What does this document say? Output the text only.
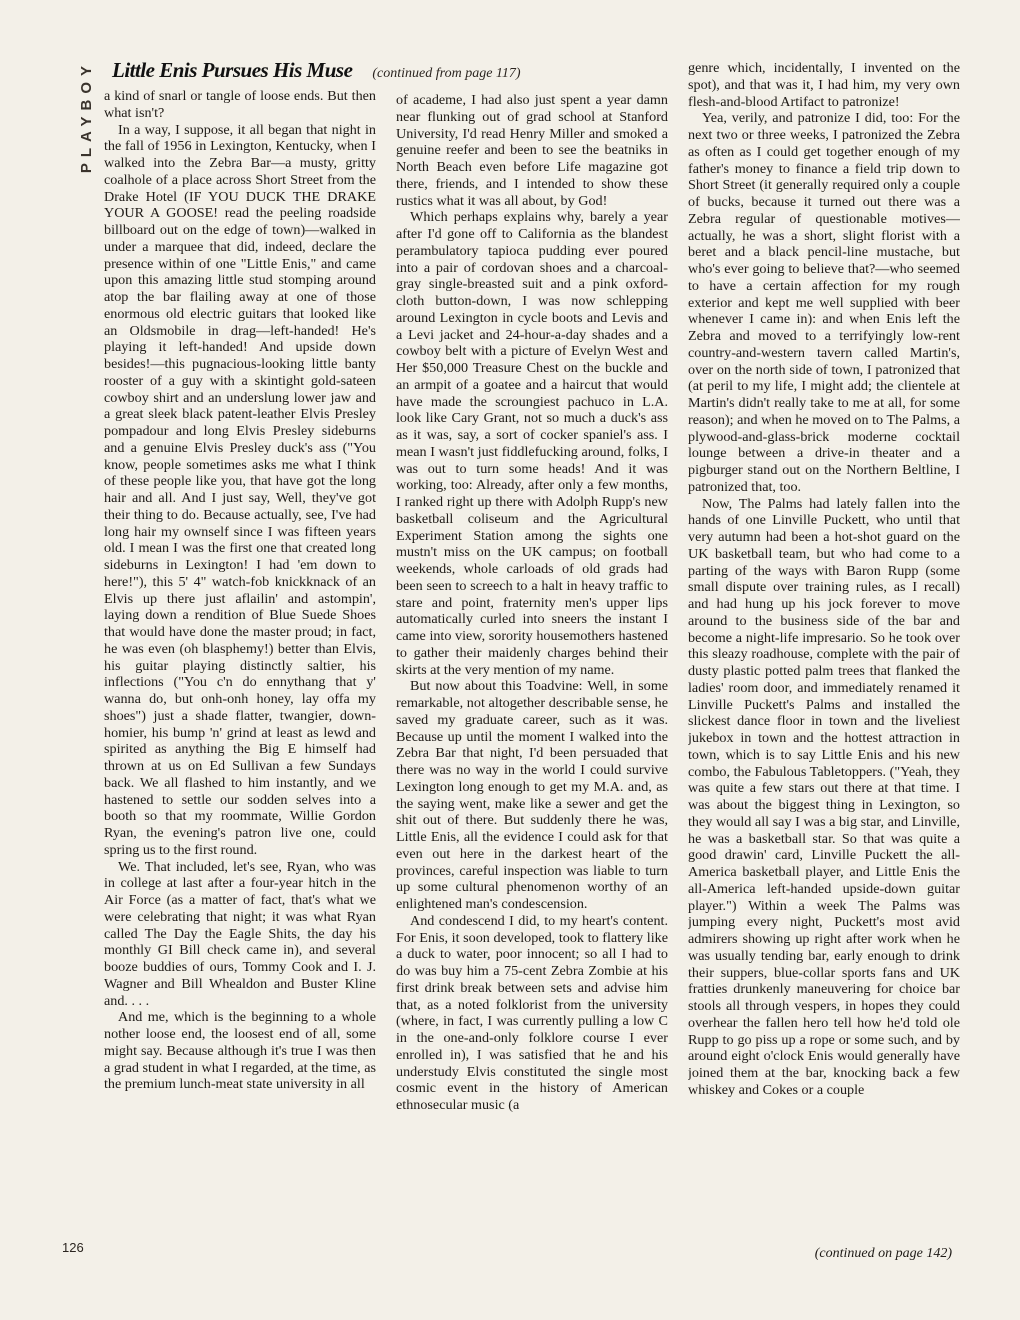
PLAYBOY Little Enis Pursues His Muse (continued from page 117)

a kind of snarl or tangle of loose ends. But then what isn't?

In a way, I suppose, it all began that night in the fall of 1956 in Lexington, Kentucky, when I walked into the Zebra Bar—a musty, gritty coalhole of a place across Short Street from the Drake Hotel (IF YOU DUCK THE DRAKE YOUR A GOOSE! read the peeling roadside billboard out on the edge of town)—walked in under a marquee that did, indeed, declare the presence within of one "Little Enis," and came upon this amazing little stud stomping around atop the bar flailing away at one of those enormous old electric guitars that looked like an Oldsmobile in drag—left-handed! He's playing it left-handed! And upside down besides!—this pugnacious-looking little banty rooster of a guy with a skintight gold-sateen cowboy shirt and an underslung lower jaw and a great sleek black patent-leather Elvis Presley pompadour and long Elvis Presley sideburns and a genuine Elvis Presley duck's ass ("You know, people sometimes asks me what I think of these people like you, that have got the long hair and all. And I just say, Well, they've got their thing to do. Because actually, see, I've had long hair my ownself since I was fifteen years old. I mean I was the first one that created long sideburns in Lexington! I had 'em down to here!"), this 5' 4" watch-fob knickknack of an Elvis up there just aflailin' and astompin', laying down a rendition of Blue Suede Shoes that would have done the master proud; in fact, he was even (oh blasphemy!) better than Elvis, his guitar playing distinctly saltier, his inflections ("You c'n do ennythang that y' wanna do, but onh-onh honey, lay offa my shoes") just a shade flatter, twangier, down-homier, his bump 'n' grind at least as lewd and spirited as anything the Big E himself had thrown at us on Ed Sullivan a few Sundays back. We all flashed to him instantly, and we hastened to settle our sodden selves into a booth so that my roommate, Willie Gordon Ryan, the evening's patron live one, could spring us to the first round.

We. That included, let's see, Ryan, who was in college at last after a four-year hitch in the Air Force (as a matter of fact, that's what we were celebrating that night; it was what Ryan called The Day the Eagle Shits, the day his monthly GI Bill check came in), and several booze buddies of ours, Tommy Cook and I. J. Wagner and Bill Whealdon and Buster Kline and. . . .

And me, which is the beginning to a whole nother loose end, the loosest end of all, some might say. Because although it's true I was then a grad student in what I regarded, at the time, as the premium lunch-meat state university in all

of academe, I had also just spent a year damn near flunking out of grad school at Stanford University, I'd read Henry Miller and smoked a genuine reefer and been to see the beatniks in North Beach even before Life magazine got there, friends, and I intended to show these rustics what it was all about, by God!

Which perhaps explains why, barely a year after I'd gone off to California as the blandest perambulatory tapioca pudding ever poured into a pair of cordovan shoes and a charcoal-gray single-breasted suit and a pink oxford-cloth button-down, I was now schlepping around Lexington in cycle boots and Levis and a Levi jacket and 24-hour-a-day shades and a cowboy belt with a picture of Evelyn West and Her $50,000 Treasure Chest on the buckle and an armpit of a goatee and a haircut that would have made the scroungiest pachuco in L.A. look like Cary Grant, not so much a duck's ass as it was, say, a sort of cocker spaniel's ass. I mean I wasn't just fiddlefucking around, folks, I was out to turn some heads! And it was working, too: Already, after only a few months, I ranked right up there with Adolph Rupp's new basketball coliseum and the Agricultural Experiment Station among the sights one mustn't miss on the UK campus; on football weekends, whole carloads of old grads had been seen to screech to a halt in heavy traffic to stare and point, fraternity men's upper lips automatically curled into sneers the instant I came into view, sorority housemothers hastened to gather their maidenly charges behind their skirts at the very mention of my name.

But now about this Toadvine: Well, in some remarkable, not altogether describable sense, he saved my graduate career, such as it was. Because up until the moment I walked into the Zebra Bar that night, I'd been persuaded that there was no way in the world I could survive Lexington long enough to get my M.A. and, as the saying went, make like a sewer and get the shit out of there. But suddenly there he was, Little Enis, all the evidence I could ask for that even out here in the darkest heart of the provinces, careful inspection was liable to turn up some cultural phenomenon worthy of an enlightened man's condescension.

And condescend I did, to my heart's content. For Enis, it soon developed, took to flattery like a duck to water, poor innocent; so all I had to do was buy him a 75-cent Zebra Zombie at his first drink break between sets and advise him that, as a noted folklorist from the university (where, in fact, I was currently pulling a low C in the one-and-only folklore course I ever enrolled in), I was satisfied that he and his understudy Elvis constituted the single most cosmic event in the history of American ethnosecular music (a

genre which, incidentally, I invented on the spot), and that was it, I had him, my very own flesh-and-blood Artifact to patronize!

Yea, verily, and patronize I did, too: For the next two or three weeks, I patronized the Zebra as often as I could get together enough of my father's money to finance a field trip down to Short Street (it generally required only a couple of bucks, because it turned out there was a Zebra regular of questionable motives—actually, he was a short, slight florist with a beret and a black pencil-line mustache, but who's ever going to believe that?—who seemed to have a certain affection for my rough exterior and kept me well supplied with beer whenever I came in): and when Enis left the Zebra and moved to a terrifyingly low-rent country-and-western tavern called Martin's, over on the north side of town, I patronized that (at peril to my life, I might add; the clientele at Martin's didn't really take to me at all, for some reason); and when he moved on to The Palms, a plywood-and-glass-brick moderne cocktail lounge between a drive-in theater and a pigburger stand out on the Northern Beltline, I patronized that, too.

Now, The Palms had lately fallen into the hands of one Linville Puckett, who until that very autumn had been a hot-shot guard on the UK basketball team, but who had come to a parting of the ways with Baron Rupp (some small dispute over training rules, as I recall) and had hung up his jock forever to move around to the business side of the bar and become a night-life impresario. So he took over this sleazy roadhouse, complete with the pair of dusty plastic potted palm trees that flanked the ladies' room door, and immediately renamed it Linville Puckett's Palms and installed the slickest dance floor in town and the liveliest jukebox in town and the hottest attraction in town, which is to say Little Enis and his new combo, the Fabulous Tabletoppers. ("Yeah, they was quite a few stars out there at that time. I was about the biggest thing in Lexington, so they would all say I was a big star, and Linville, he was a basketball star. So that was quite a good drawin' card, Linville Puckett the all-America basketball player, and Little Enis the all-America left-handed upside-down guitar player.") Within a week The Palms was jumping every night, Puckett's most avid admirers showing up right after work when he was usually tending bar, early enough to drink their suppers, blue-collar sports fans and UK fratties drunkenly maneuvering for choice bar stools all through vespers, in hopes they could overhear the fallen hero tell how he'd told ole Rupp to go piss up a rope or some such, and by around eight o'clock Enis would generally have joined them at the bar, knocking back a few whiskey and Cokes or a couple

126	(continued on page 142)
